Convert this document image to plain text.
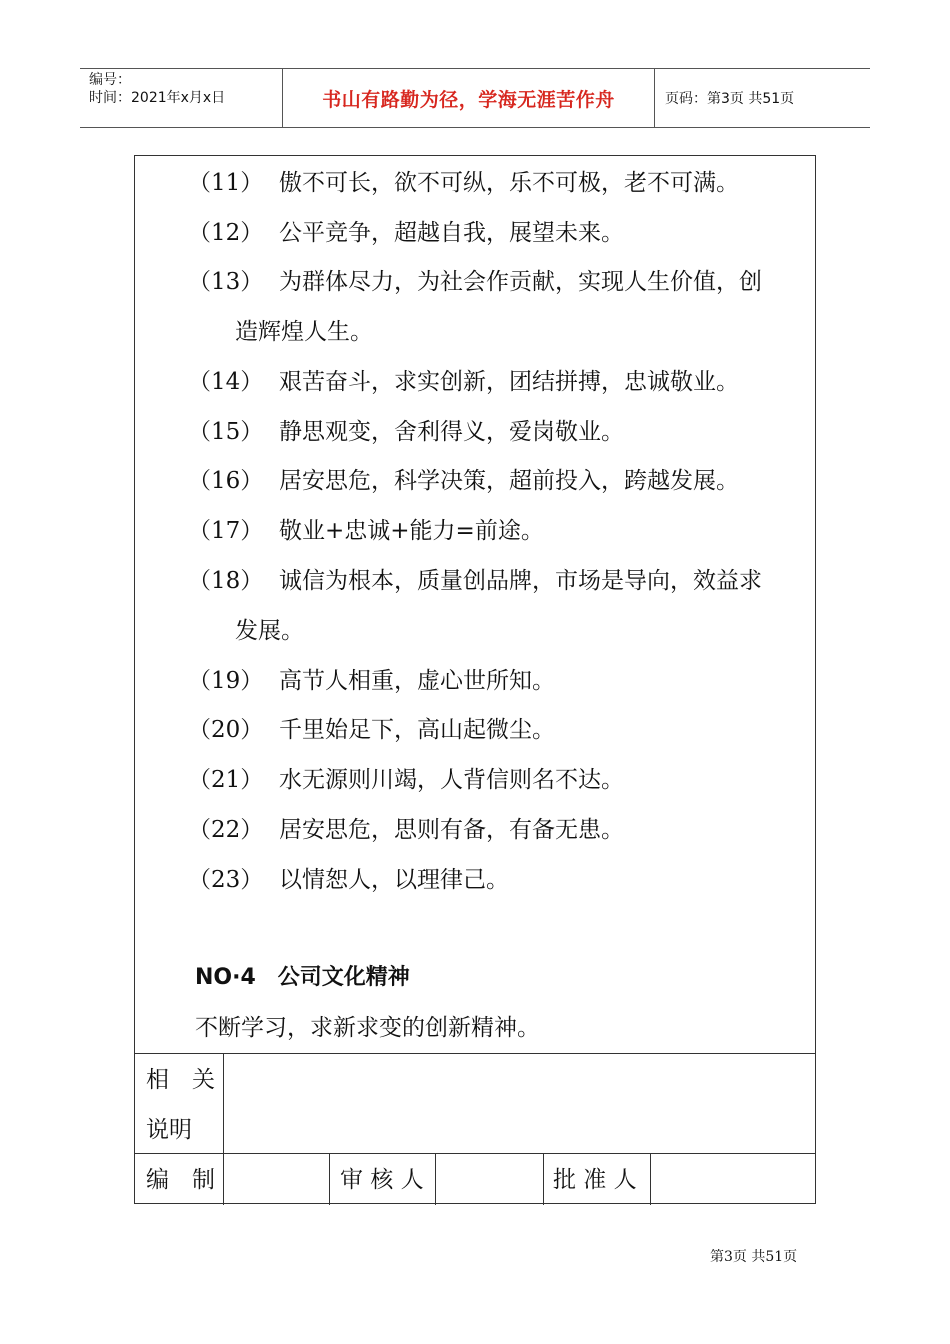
编号：
时间：2021年x月x日	书山有路勤为径，学海无涯苦作舟	页码：第3页 共51页
（11） 傲不可长，欲不可纵，乐不可极，老不可满。
（12） 公平竞争，超越自我，展望未来。
（13） 为群体尽力，为社会作贡献，实现人生价值，创
造辉煌人生。
（14） 艰苦奋斗，求实创新，团结拼搏，忠诚敬业。
（15） 静思观变，舍利得义，爱岗敬业。
（16） 居安思危，科学决策，超前投入，跨越发展。
（17） 敬业+忠诚+能力=前途。
（18） 诚信为根本，质量创品牌，市场是导向，效益求
发展。
（19） 高节人相重，虚心世所知。
（20） 千里始足下，高山起微尘。
（21） 水无源则川竭，人背信则名不达。
（22） 居安思危，思则有备，有备无患。
（23） 以情恕人，以理律己。
NO·4　公司文化精神
不断学习，求新求变的创新精神。
相　关
说明
编　制	审 核 人	批 准 人
第3页 共51页
